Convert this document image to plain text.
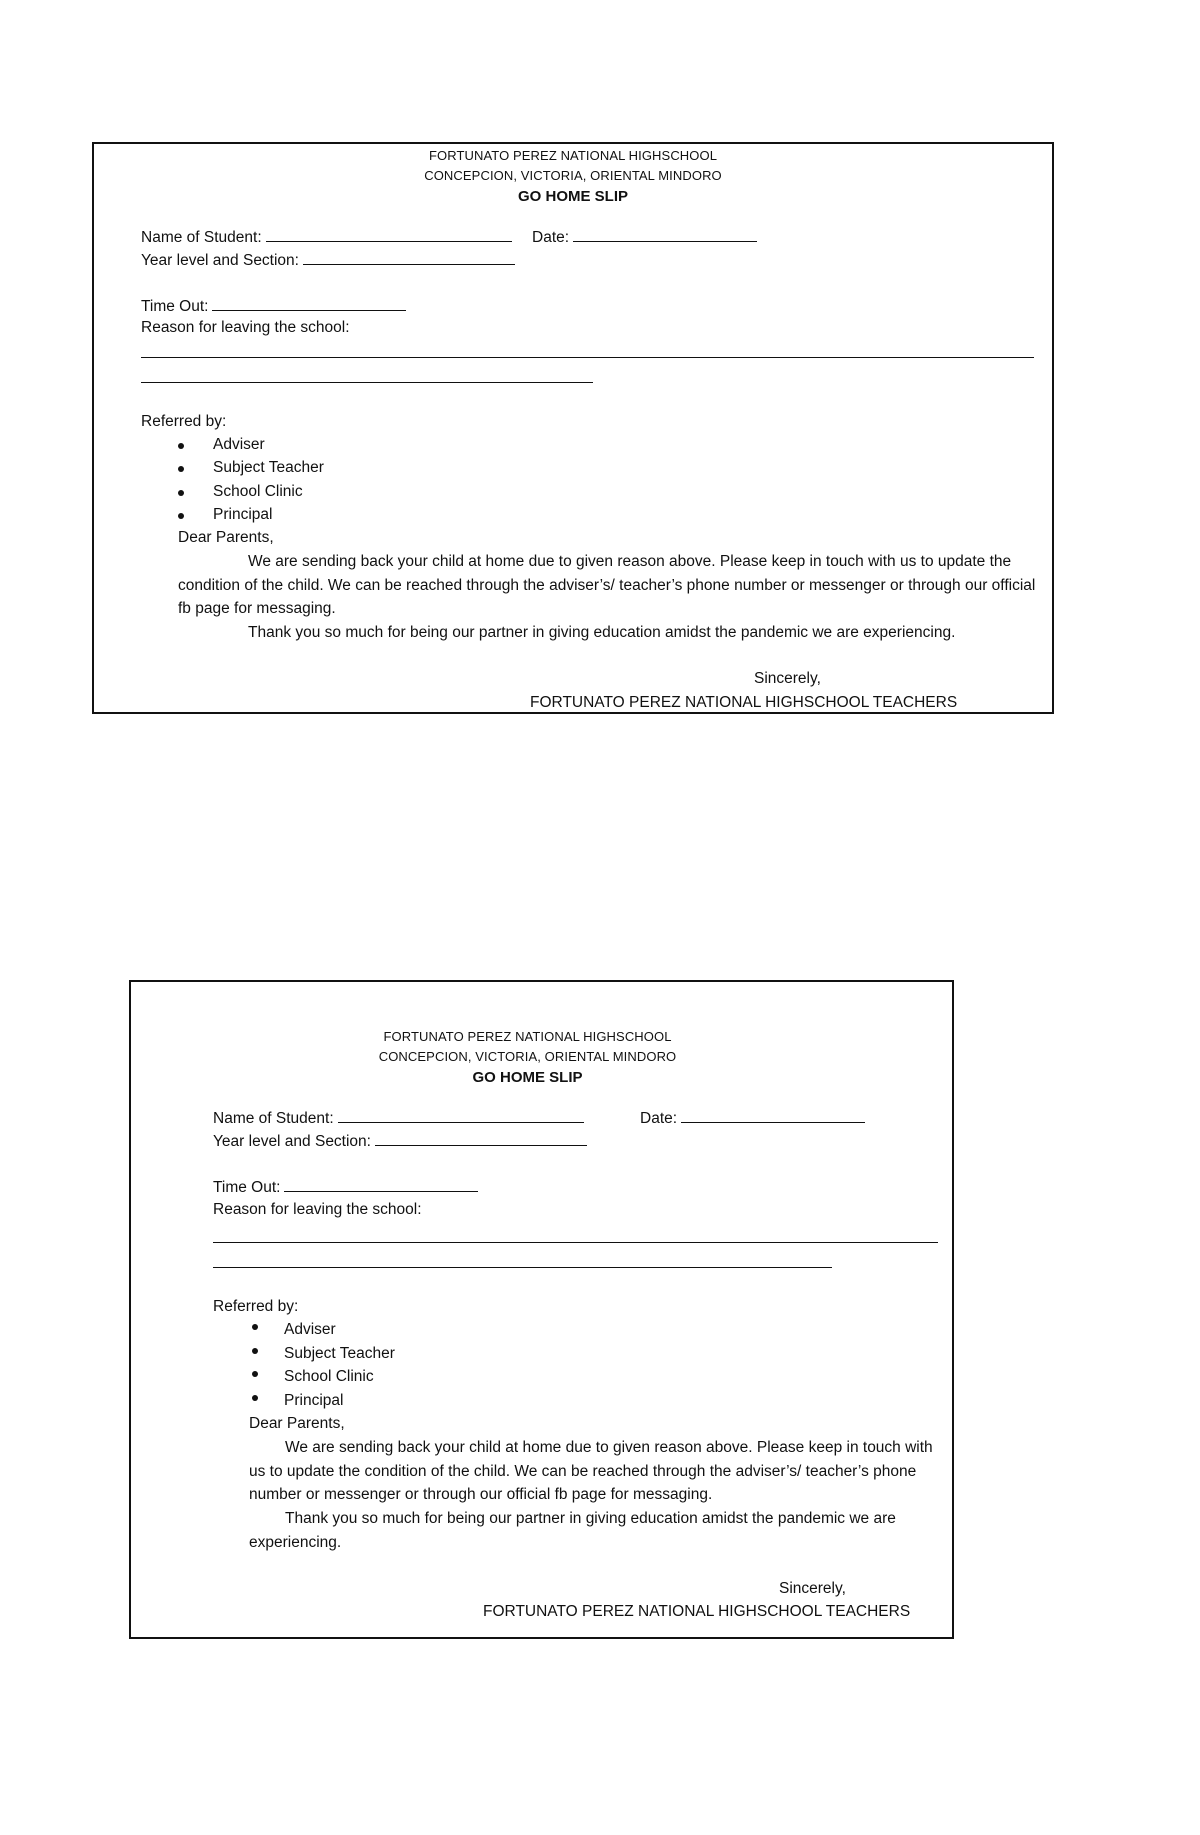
FORTUNATO PEREZ NATIONAL HIGHSCHOOL
CONCEPCION, VICTORIA, ORIENTAL MINDORO
GO HOME SLIP
Name of Student:	Date:
Year level and Section:
Time Out:
Reason for leaving the school:
Referred by:
Adviser
Subject Teacher
School Clinic
Principal
Dear Parents,
We are sending back your child at home due to given reason above. Please keep in touch with us to update the condition of the child. We can be reached through the adviser’s/ teacher’s phone number or messenger or through our official fb page for messaging.
Thank you so much for being our partner in giving education amidst the pandemic we are experiencing.
Sincerely,
FORTUNATO PEREZ NATIONAL HIGHSCHOOL TEACHERS
FORTUNATO PEREZ NATIONAL HIGHSCHOOL
CONCEPCION, VICTORIA, ORIENTAL MINDORO
GO HOME SLIP
Name of Student:	Date:
Year level and Section:
Time Out:
Reason for leaving the school:
Referred by:
Adviser
Subject Teacher
School Clinic
Principal
Dear Parents,
We are sending back your child at home due to given reason above. Please keep in touch with us to update the condition of the child. We can be reached through the adviser’s/ teacher’s phone number or messenger or through our official fb page for messaging.
Thank you so much for being our partner in giving education amidst the pandemic we are experiencing.
Sincerely,
FORTUNATO PEREZ NATIONAL HIGHSCHOOL TEACHERS
